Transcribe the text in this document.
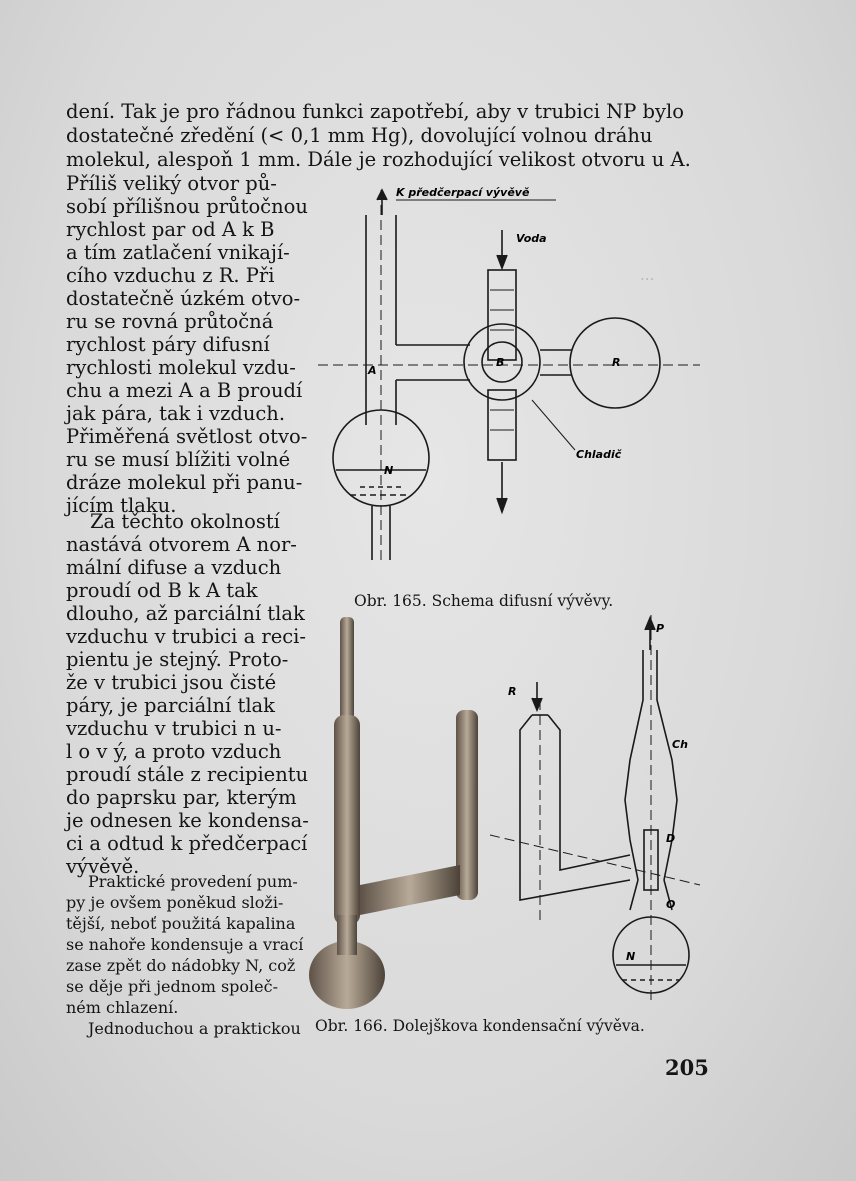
···
dení. Tak je pro řádnou funkci zapotřebí, aby v trubici NP bylo
dostatečné zředění (< 0,1 mm Hg), dovolující volnou dráhu
molekul, alespoň 1 mm. Dále je rozhodující velikost otvoru u A.
Příliš veliký otvor pů-
sobí přílišnou průtočnou
rychlost par od A k B
a tím zatlačení vnikají-
cího vzduchu z R. Při
dostatečně úzkém otvo-
ru se rovná průtočná
rychlost páry difusní
rychlosti molekul vzdu-
chu a mezi A a B proudí
jak pára, tak i vzduch.
Přiměřená světlost otvo-
ru se musí blížiti volné
dráze molekul při panu-
jícím tlaku.
Za těchto okolností
nastává otvorem A nor-
mální difuse a vzduch
proudí od B k A tak
dlouho, až parciální tlak
vzduchu v trubici a reci-
pientu je stejný. Proto-
že v trubici jsou čisté
páry, je parciální tlak
vzduchu v trubici n u-
l o v ý, a proto vzduch
proudí stále z recipientu
do paprsku par, kterým
je odnesen ke kondensa-
ci a odtud k předčerpací
vývěvě.
Praktické provedení pum-
py je ovšem poněkud složi-
tější, neboť použitá kapalina
se nahoře kondensuje a vrací
zase zpět do nádobky N, což
se děje při jednom společ-
ném chlazení.
Jednoduchou a praktickou
K předčerpací vývěvě
Voda
Chladič
A
B	R
N
Obr. 165. Schema difusní vývěvy.
P
R
Ch
D
O
N
Obr. 166. Dolejškova kondensační vývěva.
205
